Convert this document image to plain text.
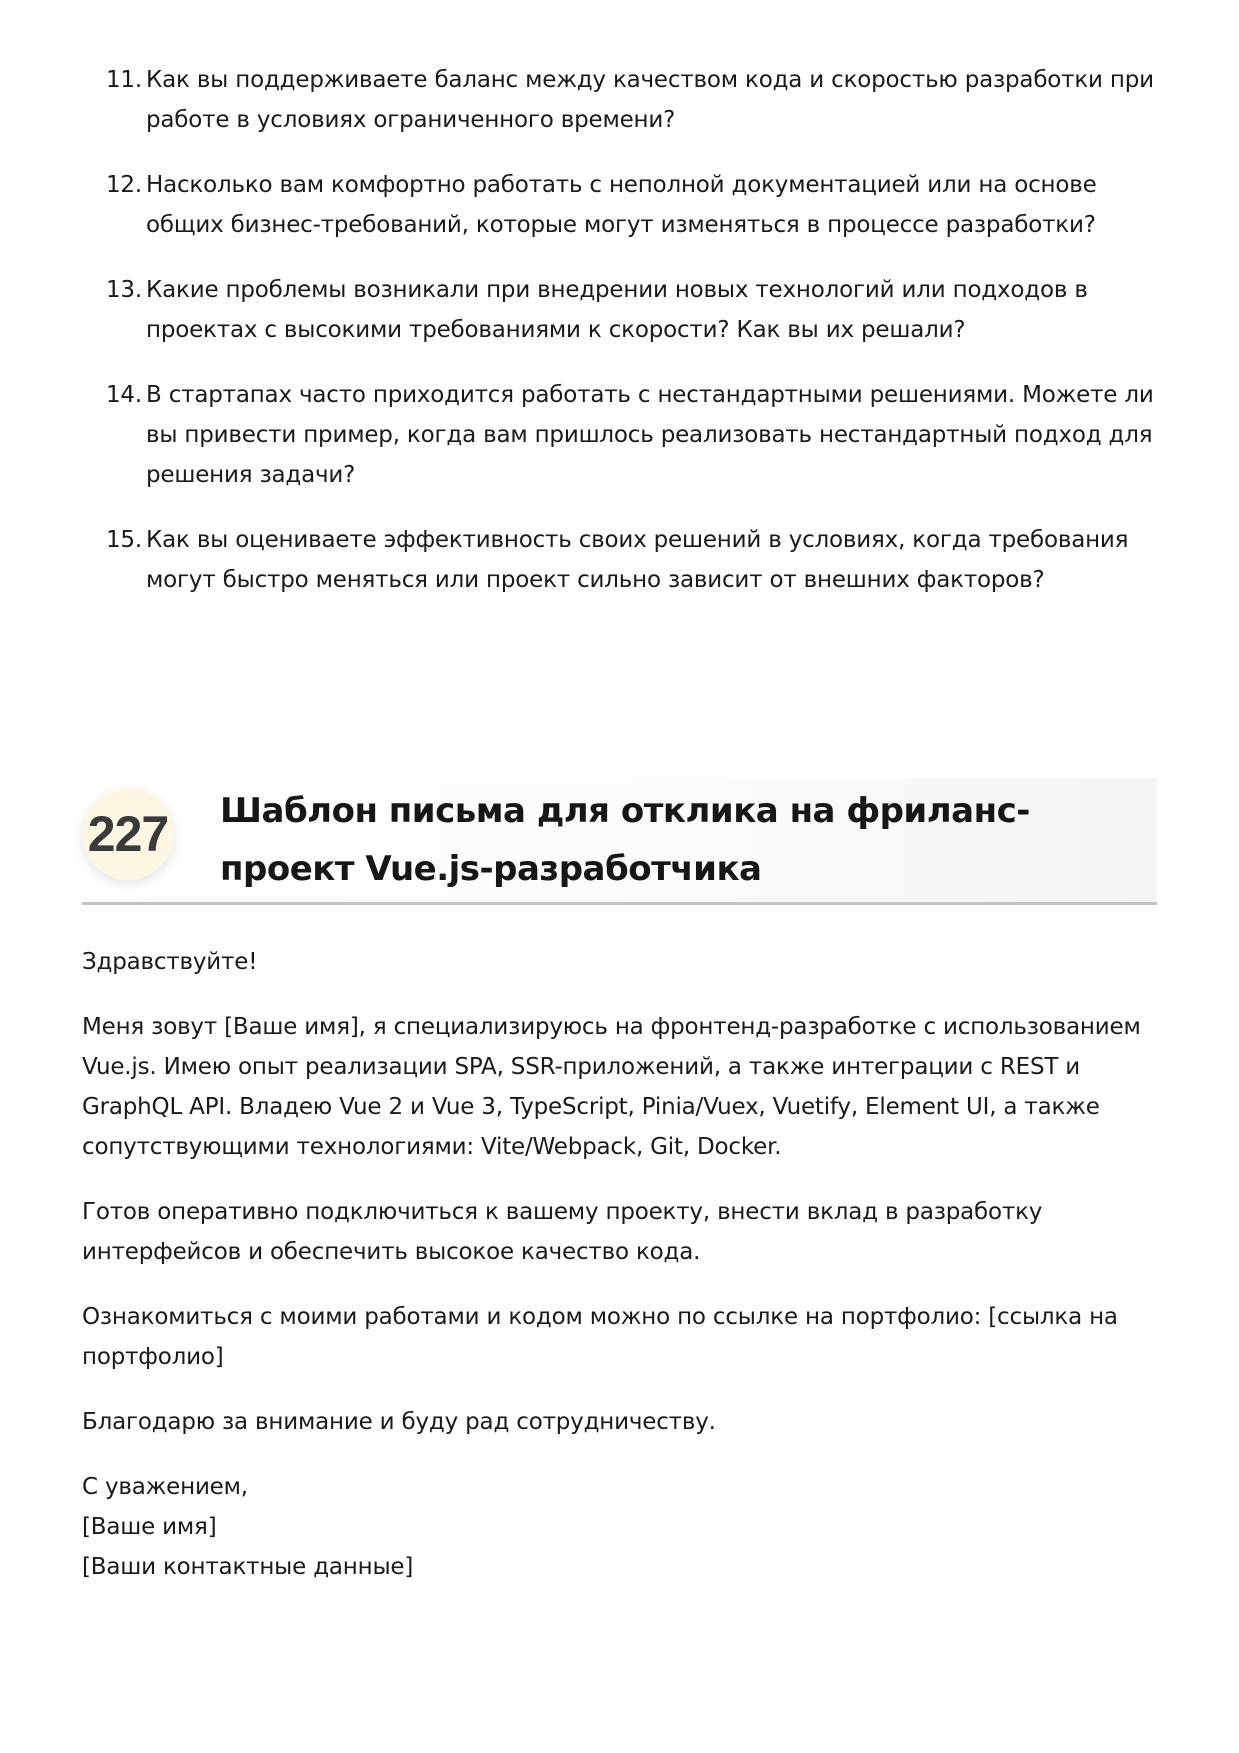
11. Как вы поддерживаете баланс между качеством кода и скоростью разработки при работе в условиях ограниченного времени?
12. Насколько вам комфортно работать с неполной документацией или на основе общих бизнес-требований, которые могут изменяться в процессе разработки?
13. Какие проблемы возникали при внедрении новых технологий или подходов в проектах с высокими требованиями к скорости? Как вы их решали?
14. В стартапах часто приходится работать с нестандартными решениями. Можете ли вы привести пример, когда вам пришлось реализовать нестандартный подход для решения задачи?
15. Как вы оцениваете эффективность своих решений в условиях, когда требования могут быстро меняться или проект сильно зависит от внешних факторов?
227 Шаблон письма для отклика на фриланс-проект Vue.js-разработчика

Здравствуйте!

Меня зовут [Ваше имя], я специализируюсь на фронтенд-разработке с использованием Vue.js. Имею опыт реализации SPA, SSR-приложений, а также интеграции с REST и GraphQL API. Владею Vue 2 и Vue 3, TypeScript, Pinia/Vuex, Vuetify, Element UI, а также сопутствующими технологиями: Vite/Webpack, Git, Docker.

Готов оперативно подключиться к вашему проекту, внести вклад в разработку интерфейсов и обеспечить высокое качество кода.

Ознакомиться с моими работами и кодом можно по ссылке на портфолио: [ссылка на портфолио]

Благодарю за внимание и буду рад сотрудничеству.

С уважением,
[Ваше имя]
[Ваши контактные данные]
